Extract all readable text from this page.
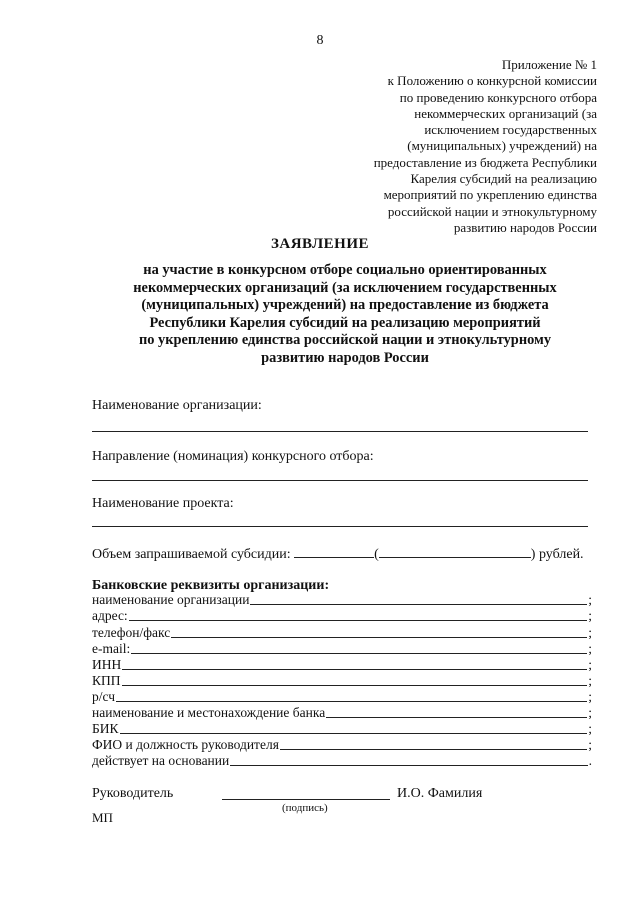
8
Приложение № 1
к Положению о конкурсной комиссии
по проведению конкурсного отбора
некоммерческих организаций (за
исключением государственных
(муниципальных) учреждений) на
предоставление из бюджета Республики
Карелия субсидий на реализацию
мероприятий по укреплению единства
российской нации и этнокультурному
развитию народов России
ЗАЯВЛЕНИЕ
на участие в конкурсном отборе социально ориентированных
некоммерческих организаций (за исключением государственных
(муниципальных) учреждений) на предоставление из бюджета
Республики Карелия субсидий на реализацию мероприятий
по укреплению единства российской нации и этнокультурному
развитию народов России
Наименование организации:
Направление (номинация) конкурсного отбора:
Наименование проекта:
Объем запрашиваемой субсидии:	(	) рублей.
Банковские реквизиты организации:
наименование организации	;
адрес:	;
телефон/факс	;
e-mail:	;
ИНН	;
КПП	;
р/сч	;
наименование и местонахождение банка	;
БИК	;
ФИО и должность руководителя	;
действует на основании	.
Руководитель	И.О. Фамилия
(подпись)
МП
